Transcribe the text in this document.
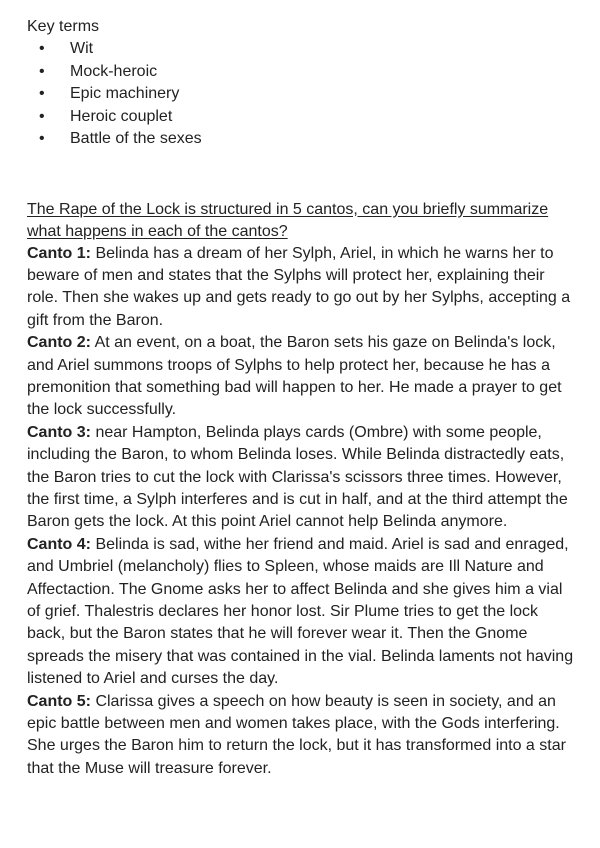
Key terms
• Wit
• Mock-heroic
• Epic machinery
• Heroic couplet
• Battle of the sexes
The Rape of the Lock is structured in 5 cantos, can you briefly summarize what happens in each of the cantos?

Canto 1: Belinda has a dream of her Sylph, Ariel, in which he warns her to beware of men and states that the Sylphs will protect her, explaining their role. Then she wakes up and gets ready to go out by her Sylphs, accepting a gift from the Baron.

Canto 2: At an event, on a boat, the Baron sets his gaze on Belinda's lock, and Ariel summons troops of Sylphs to help protect her, because he has a premonition that something bad will happen to her. He made a prayer to get the lock successfully.

Canto 3: near Hampton, Belinda plays cards (Ombre) with some people, including the Baron, to whom Belinda loses. While Belinda distractedly eats, the Baron tries to cut the lock with Clarissa's scissors three times. However, the first time, a Sylph interferes and is cut in half, and at the third attempt the Baron gets the lock. At this point Ariel cannot help Belinda anymore.

Canto 4: Belinda is sad, withe her friend and maid. Ariel is sad and enraged, and Umbriel (melancholy) flies to Spleen, whose maids are Ill Nature and Affectaction. The Gnome asks her to affect Belinda and she gives him a vial of grief. Thalestris declares her honor lost. Sir Plume tries to get the lock back, but the Baron states that he will forever wear it. Then the Gnome spreads the misery that was contained in the vial. Belinda laments not having listened to Ariel and curses the day.

Canto 5: Clarissa gives a speech on how beauty is seen in society, and an epic battle between men and women takes place, with the Gods interfering. She urges the Baron him to return the lock, but it has transformed into a star that the Muse will treasure forever.
